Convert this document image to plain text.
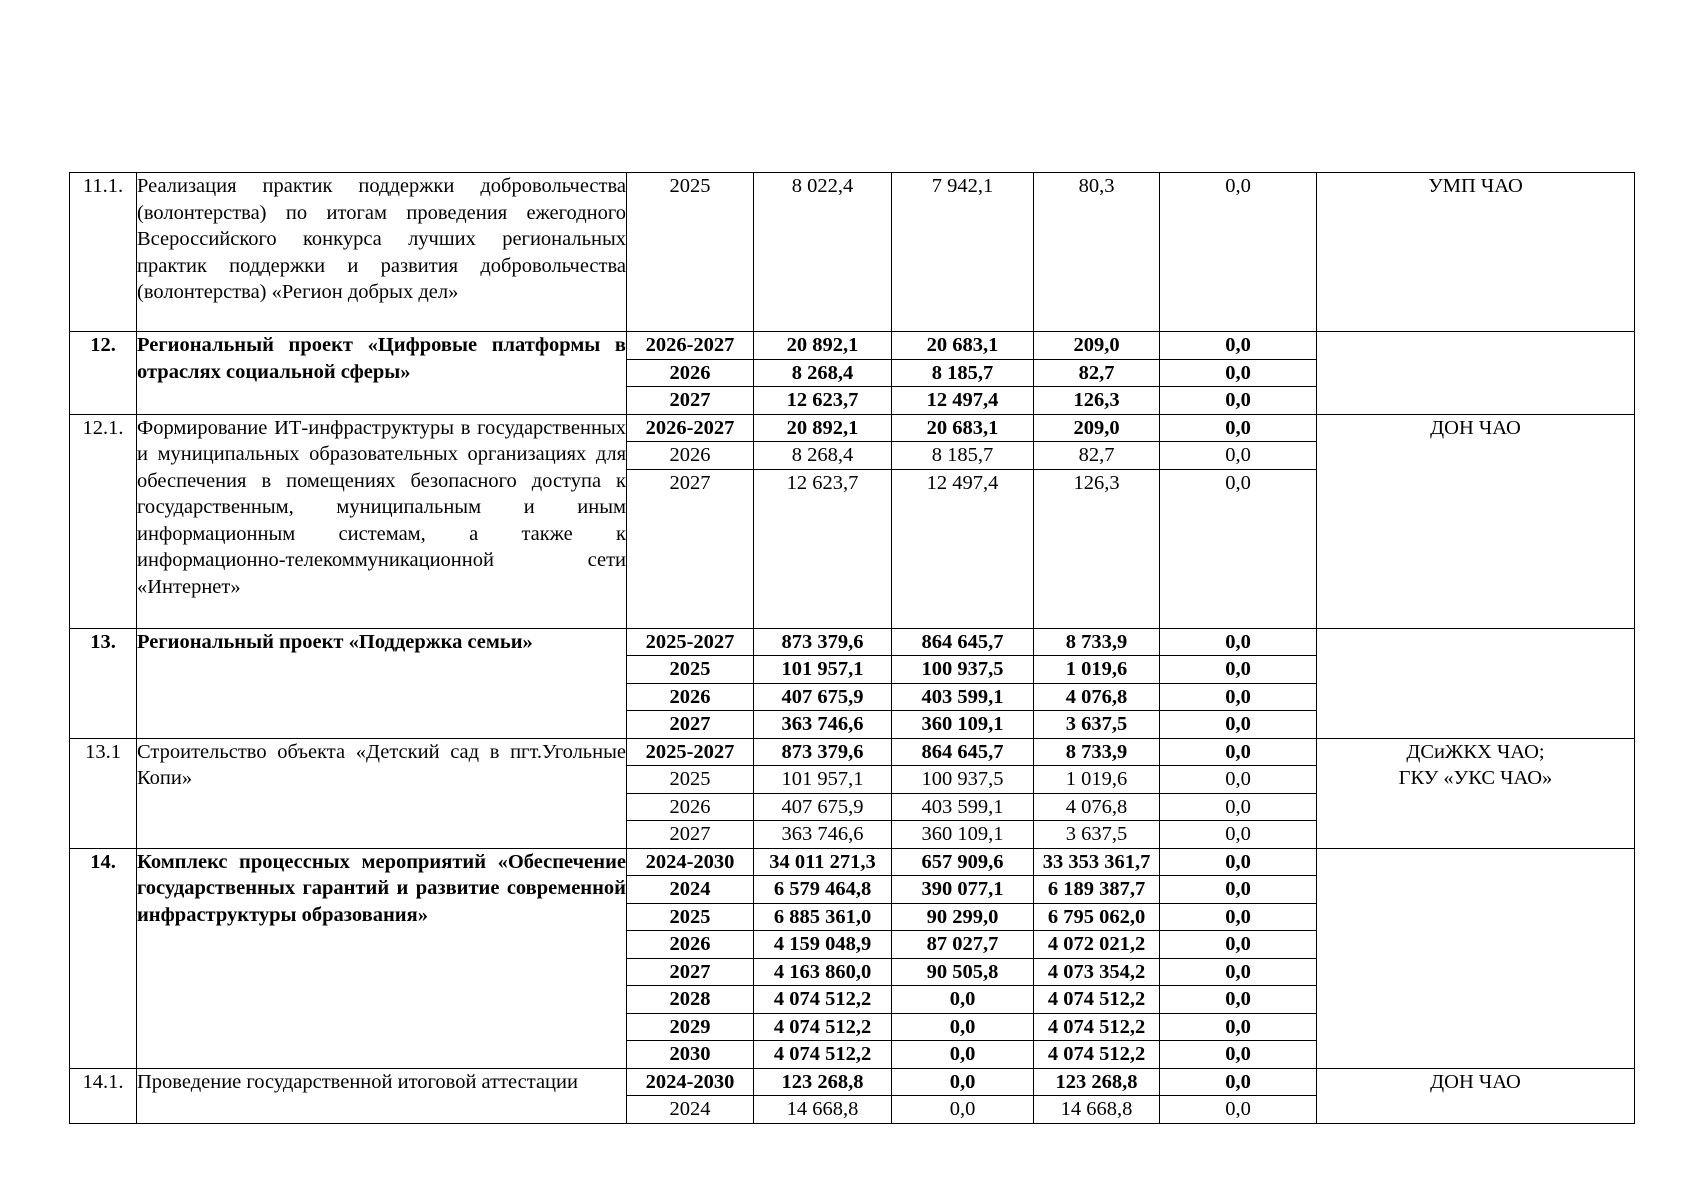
11.1.	Реализация практик поддержки добровольчества (волонтерства) по итогам проведения ежегодного Всероссийского конкурса лучших региональных практик поддержки и развития добровольчества (волонтерства) «Регион добрых дел»	2025	8 022,4	7 942,1	80,3	0,0	УМП ЧАО

12.	Региональный проект «Цифровые платформы в отраслях социальной сферы»	2026-2027	20 892,1	20 683,1	209,0	0,0	
		2026	8 268,4	8 185,7	82,7	0,0	
		2027	12 623,7	12 497,4	126,3	0,0	
12.1.	Формирование ИТ-инфраструктуры в государственных и муниципальных образовательных организациях для обеспечения в помещениях безопасного доступа к государственным, муниципальным и иным информационным системам, а также к информационно-телекоммуникационной сети «Интернет»	2026-2027	20 892,1	20 683,1	209,0	0,0	ДОН ЧАО

		2026	8 268,4	8 185,7	82,7	0,0	
		2027	12 623,7	12 497,4	126,3	0,0	
13.	Региональный проект «Поддержка семьи»	2025-2027	873 379,6	864 645,7	8 733,9	0,0	
		2025	101 957,1	100 937,5	1 019,6	0,0	
		2026	407 675,9	403 599,1	4 076,8	0,0	
		2027	363 746,6	360 109,1	3 637,5	0,0	
13.1	Строительство объекта «Детский сад в пгт.Угольные Копи»	2025-2027	873 379,6	864 645,7	8 733,9	0,0	ДСиЖКХ ЧАО;
ГКУ «УКС ЧАО»

		2025	101 957,1	100 937,5	1 019,6	0,0	
		2026	407 675,9	403 599,1	4 076,8	0,0	
		2027	363 746,6	360 109,1	3 637,5	0,0	
14.	Комплекс процессных мероприятий «Обеспечение государственных гарантий и развитие современной инфраструктуры образования»	2024-2030	34 011 271,3	657 909,6	33 353 361,7	0,0	
		2024	6 579 464,8	390 077,1	6 189 387,7	0,0	
		2025	6 885 361,0	90 299,0	6 795 062,0	0,0	
		2026	4 159 048,9	87 027,7	4 072 021,2	0,0	
		2027	4 163 860,0	90 505,8	4 073 354,2	0,0	
		2028	4 074 512,2	0,0	4 074 512,2	0,0	
		2029	4 074 512,2	0,0	4 074 512,2	0,0	
		2030	4 074 512,2	0,0	4 074 512,2	0,0	
14.1.	Проведение государственной итоговой аттестации	2024-2030	123 268,8	0,0	123 268,8	0,0	ДОН ЧАО

		2024	14 668,8	0,0	14 668,8	0,0	
